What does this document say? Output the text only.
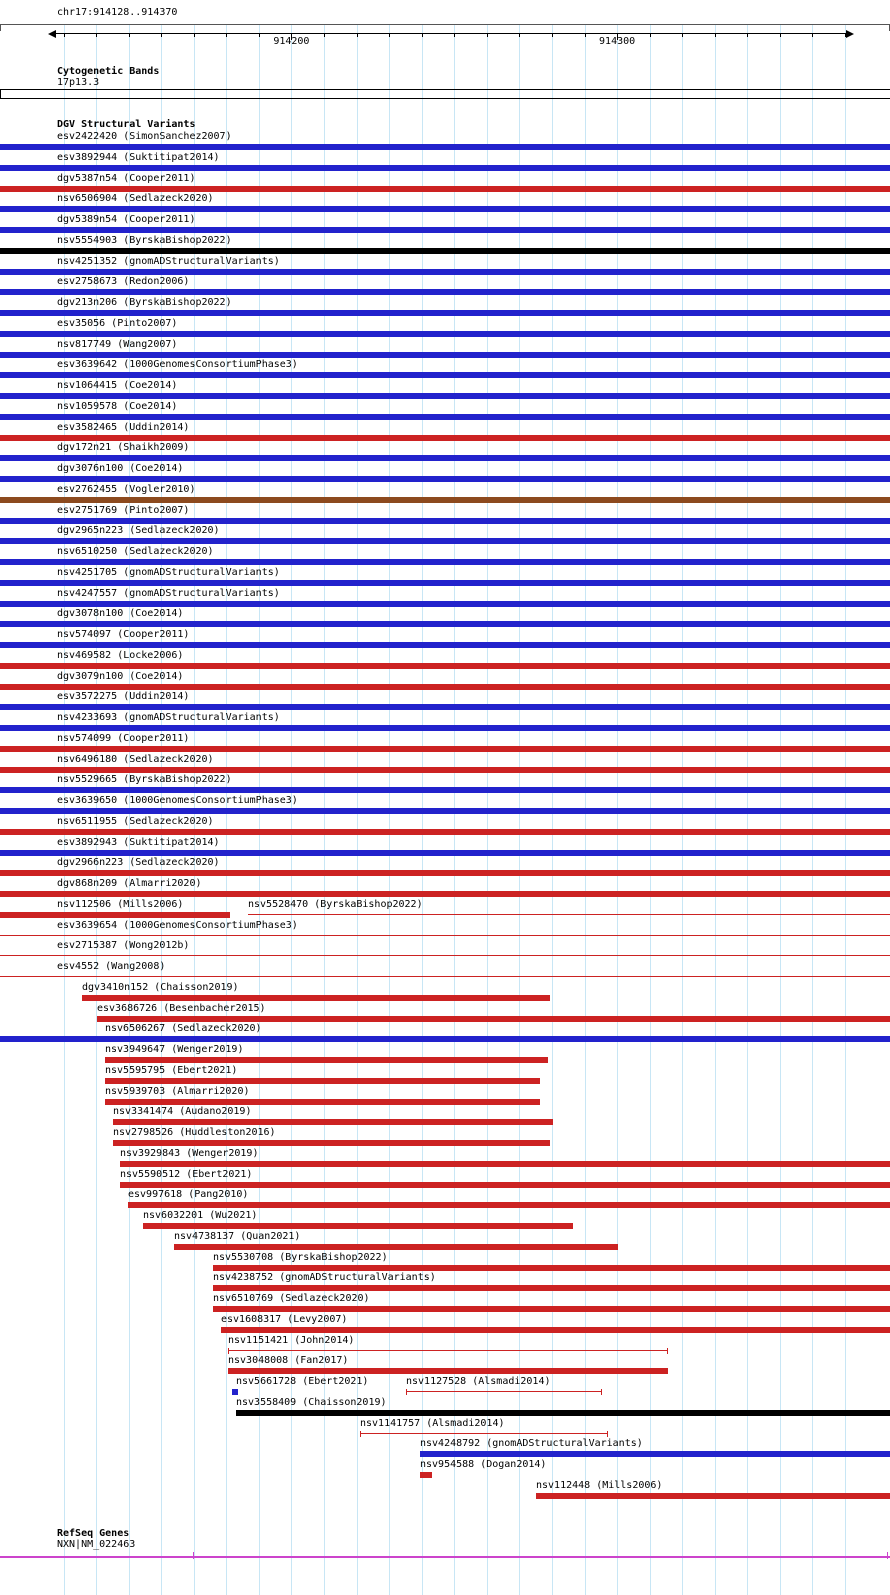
chr17:914128..914370
914200	914300
Cytogenetic Bands
17p13.3
DGV Structural Variants
esv2422420 (SimonSanchez2007)
esv3892944 (Suktitipat2014)
dgv5387n54 (Cooper2011)
nsv6506904 (Sedlazeck2020)
dgv5389n54 (Cooper2011)
nsv5554903 (ByrskaBishop2022)
nsv4251352 (gnomADStructuralVariants)
esv2758673 (Redon2006)
dgv213n206 (ByrskaBishop2022)
esv35056 (Pinto2007)
nsv817749 (Wang2007)
esv3639642 (1000GenomesConsortiumPhase3)
nsv1064415 (Coe2014)
nsv1059578 (Coe2014)
esv3582465 (Uddin2014)
dgv172n21 (Shaikh2009)
dgv3076n100 (Coe2014)
esv2762455 (Vogler2010)
esv2751769 (Pinto2007)
dgv2965n223 (Sedlazeck2020)
nsv6510250 (Sedlazeck2020)
nsv4251705 (gnomADStructuralVariants)
nsv4247557 (gnomADStructuralVariants)
dgv3078n100 (Coe2014)
nsv574097 (Cooper2011)
nsv469582 (Locke2006)
dgv3079n100 (Coe2014)
esv3572275 (Uddin2014)
nsv4233693 (gnomADStructuralVariants)
nsv574099 (Cooper2011)
nsv6496180 (Sedlazeck2020)
nsv5529665 (ByrskaBishop2022)
esv3639650 (1000GenomesConsortiumPhase3)
nsv6511955 (Sedlazeck2020)
esv3892943 (Suktitipat2014)
dgv2966n223 (Sedlazeck2020)
dgv868n209 (Almarri2020)
nsv112506 (Mills2006)	nsv5528470 (ByrskaBishop2022)
esv3639654 (1000GenomesConsortiumPhase3)
esv2715387 (Wong2012b)
esv4552 (Wang2008)
dgv3410n152 (Chaisson2019)
esv3686726 (Besenbacher2015)
nsv6506267 (Sedlazeck2020)
nsv3949647 (Wenger2019)
nsv5595795 (Ebert2021)
nsv5939703 (Almarri2020)
nsv3341474 (Audano2019)
nsv2798526 (Huddleston2016)
nsv3929843 (Wenger2019)
nsv5590512 (Ebert2021)
esv997618 (Pang2010)
nsv6032201 (Wu2021)
nsv4738137 (Quan2021)
nsv5530708 (ByrskaBishop2022)
nsv4238752 (gnomADStructuralVariants)
nsv6510769 (Sedlazeck2020)
esv1608317 (Levy2007)
nsv1151421 (John2014)
nsv3048008 (Fan2017)
nsv5661728 (Ebert2021)	nsv1127528 (Alsmadi2014)
nsv3558409 (Chaisson2019)
nsv1141757 (Alsmadi2014)
nsv4248792 (gnomADStructuralVariants)
nsv954588 (Dogan2014)
nsv112448 (Mills2006)
RefSeq Genes
NXN|NM_022463
